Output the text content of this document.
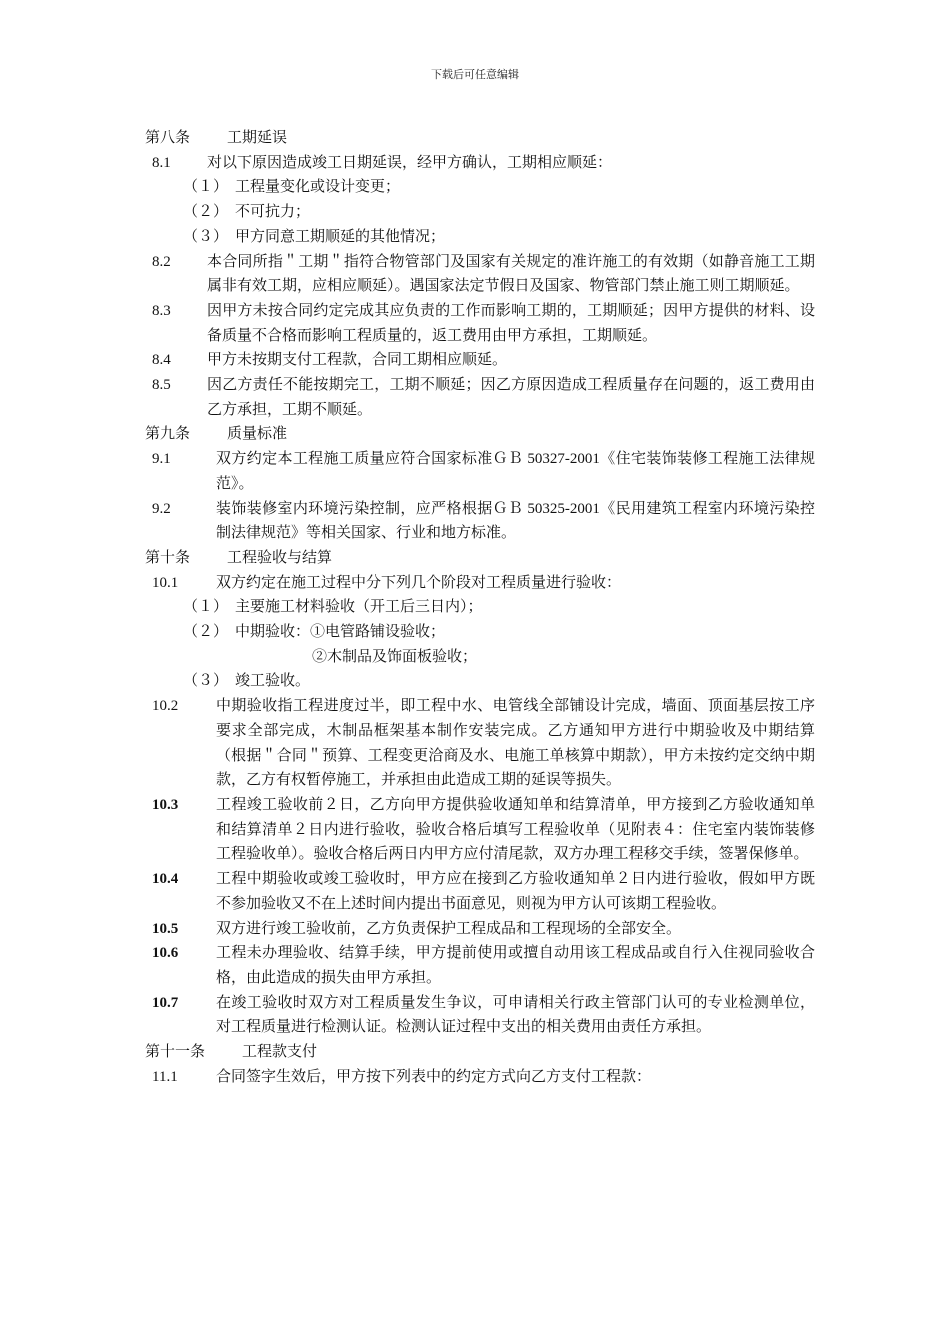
下载后可任意编辑
第八条	工期延误
8.1	对以下原因造成竣工日期延误，经甲方确认，工期相应顺延：
（１） 工程量变化或设计变更；
（２） 不可抗力；
（３） 甲方同意工期顺延的其他情况；
8.2	本合同所指＂工期＂指符合物管部门及国家有关规定的准许施工的有效期（如静音施工工期属非有效工期，应相应顺延）。遇国家法定节假日及国家、物管部门禁止施工则工期顺延。
8.3	因甲方未按合同约定完成其应负责的工作而影响工期的，工期顺延；因甲方提供的材料、设备质量不合格而影响工程质量的，返工费用由甲方承担，工期顺延。
8.4	甲方未按期支付工程款，合同工期相应顺延。
8.5	因乙方责任不能按期完工，工期不顺延；因乙方原因造成工程质量存在问题的，返工费用由乙方承担，工期不顺延。
第九条	质量标准
9.1	双方约定本工程施工质量应符合国家标准ＧＢ 50327-2001《住宅装饰装修工程施工法律规范》。
9.2	装饰装修室内环境污染控制，应严格根据ＧＢ 50325-2001《民用建筑工程室内环境污染控制法律规范》等相关国家、行业和地方标准。
第十条	工程验收与结算
10.1	双方约定在施工过程中分下列几个阶段对工程质量进行验收：
（１） 主要施工材料验收（开工后三日内）；
（２） 中期验收：①电管路铺设验收；
②木制品及饰面板验收；
（３） 竣工验收。
10.2	中期验收指工程进度过半，即工程中水、电管线全部铺设计完成，墙面、顶面基层按工序要求全部完成，木制品框架基本制作安装完成。乙方通知甲方进行中期验收及中期结算（根据＂合同＂预算、工程变更洽商及水、电施工单核算中期款），甲方未按约定交纳中期款，乙方有权暂停施工，并承担由此造成工期的延误等损失。
10.3	工程竣工验收前２日，乙方向甲方提供验收通知单和结算清单，甲方接到乙方验收通知单和结算清单２日内进行验收，验收合格后填写工程验收单（见附表４：住宅室内装饰装修工程验收单）。验收合格后两日内甲方应付清尾款，双方办理工程移交手续，签署保修单。
10.4	工程中期验收或竣工验收时，甲方应在接到乙方验收通知单２日内进行验收，假如甲方既不参加验收又不在上述时间内提出书面意见，则视为甲方认可该期工程验收。
10.5	双方进行竣工验收前，乙方负责保护工程成品和工程现场的全部安全。
10.6	工程未办理验收、结算手续，甲方提前使用或擅自动用该工程成品或自行入住视同验收合格，由此造成的损失由甲方承担。
10.7	在竣工验收时双方对工程质量发生争议，可申请相关行政主管部门认可的专业检测单位，对工程质量进行检测认证。检测认证过程中支出的相关费用由责任方承担。
第十一条	工程款支付
11.1	合同签字生效后，甲方按下列表中的约定方式向乙方支付工程款：
